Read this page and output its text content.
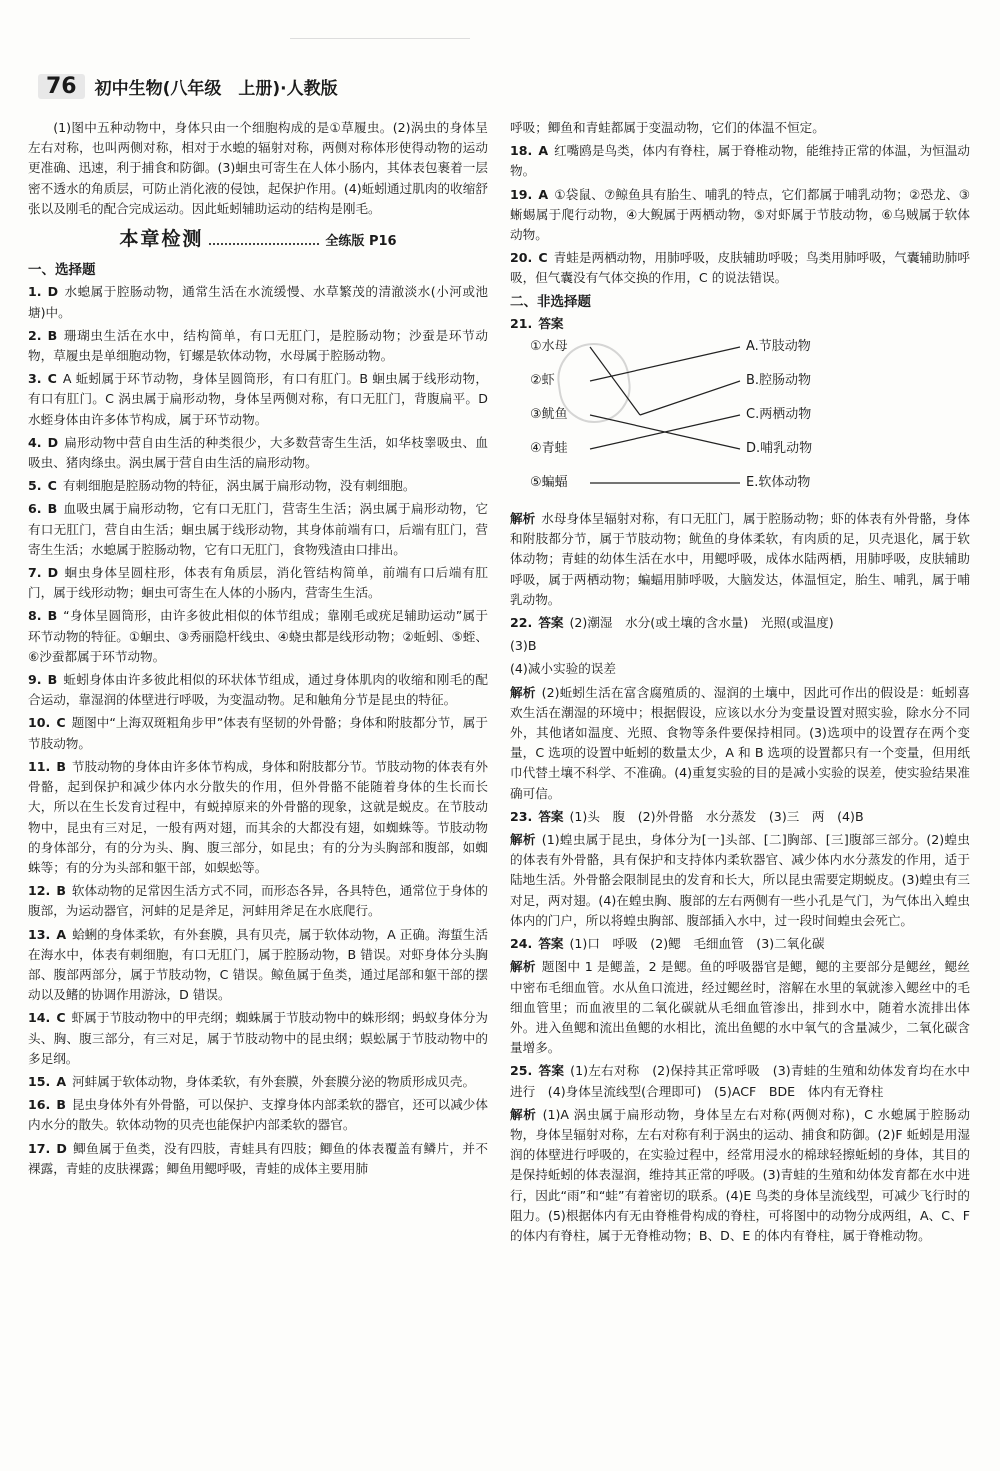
76	初中生物(八年级　上册)·人教版

(1)图中五种动物中，身体只由一个细胞构成的是①草履虫。(2)涡虫的身体呈左右对称，也叫两侧对称，相对于水螅的辐射对称，两侧对称体形使得动物的运动更准确、迅速，利于捕食和防御。(3)蛔虫可寄生在人体小肠内，其体表包裹着一层密不透水的角质层，可防止消化液的侵蚀，起保护作用。(4)蚯蚓通过肌肉的收缩舒张以及刚毛的配合完成运动。因此蚯蚓辅助运动的结构是刚毛。

本章检测	全练版 P16
一、选择题
1. D 水螅属于腔肠动物，通常生活在水流缓慢、水草繁茂的清澈淡水(小河或池塘)中。
2. B 珊瑚虫生活在水中，结构简单，有口无肛门，是腔肠动物；沙蚕是环节动物，草履虫是单细胞动物，钉螺是软体动物，水母属于腔肠动物。
3. C A 蚯蚓属于环节动物，身体呈圆筒形，有口有肛门。B 蛔虫属于线形动物，有口有肛门。C 涡虫属于扁形动物，身体呈两侧对称，有口无肛门，背腹扁平。D 水蛭身体由许多体节构成，属于环节动物。
4. D 扁形动物中营自由生活的种类很少，大多数营寄生生活，如华枝睾吸虫、血吸虫、猪肉绦虫。涡虫属于营自由生活的扁形动物。
5. C 有刺细胞是腔肠动物的特征，涡虫属于扁形动物，没有刺细胞。
6. B 血吸虫属于扁形动物，它有口无肛门，营寄生生活；涡虫属于扁形动物，它有口无肛门，营自由生活；蛔虫属于线形动物，其身体前端有口，后端有肛门，营寄生生活；水螅属于腔肠动物，它有口无肛门，食物残渣由口排出。
7. D 蛔虫身体呈圆柱形，体表有角质层，消化管结构简单，前端有口后端有肛门，属于线形动物；蛔虫可寄生在人体的小肠内，营寄生生活。
8. B “身体呈圆筒形，由许多彼此相似的体节组成；靠刚毛或疣足辅助运动”属于环节动物的特征。①蛔虫、③秀丽隐杆线虫、④蛲虫都是线形动物；②蚯蚓、⑤蛭、⑥沙蚕都属于环节动物。
9. B 蚯蚓身体由许多彼此相似的环状体节组成，通过身体肌肉的收缩和刚毛的配合运动，靠湿润的体壁进行呼吸，为变温动物。足和触角分节是昆虫的特征。
10. C 题图中“上海双斑粗角步甲”体表有坚韧的外骨骼；身体和附肢都分节，属于节肢动物。
11. B 节肢动物的身体由许多体节构成，身体和附肢都分节。节肢动物的体表有外骨骼，起到保护和减少体内水分散失的作用，但外骨骼不能随着身体的生长而长大，所以在生长发育过程中，有蜕掉原来的外骨骼的现象，这就是蜕皮。在节肢动物中，昆虫有三对足，一般有两对翅，而其余的大都没有翅，如蜘蛛等。节肢动物的身体部分，有的分为头、胸、腹三部分，如昆虫；有的分为头胸部和腹部，如蜘蛛等；有的分为头部和躯干部，如蜈蚣等。
12. B 软体动物的足常因生活方式不同，而形态各异，各具特色，通常位于身体的腹部，为运动器官，河蚌的足是斧足，河蚌用斧足在水底爬行。
13. A 蛤蜊的身体柔软，有外套膜，具有贝壳，属于软体动物，A 正确。海蜇生活在海水中，体表有刺细胞，有口无肛门，属于腔肠动物，B 错误。对虾身体分头胸部、腹部两部分，属于节肢动物，C 错误。鲸鱼属于鱼类，通过尾部和躯干部的摆动以及鳍的协调作用游泳，D 错误。
14. C 虾属于节肢动物中的甲壳纲；蜘蛛属于节肢动物中的蛛形纲；蚂蚁身体分为头、胸、腹三部分，有三对足，属于节肢动物中的昆虫纲；蜈蚣属于节肢动物中的多足纲。
15. A 河蚌属于软体动物，身体柔软，有外套膜，外套膜分泌的物质形成贝壳。
16. B 昆虫身体外有外骨骼，可以保护、支撑身体内部柔软的器官，还可以减少体内水分的散失。软体动物的贝壳也能保护内部柔软的器官。
17. D 鲫鱼属于鱼类，没有四肢，青蛙具有四肢；鲫鱼的体表覆盖有鳞片，并不裸露，青蛙的皮肤裸露；鲫鱼用鳃呼吸，青蛙的成体主要用肺

呼吸；鲫鱼和青蛙都属于变温动物，它们的体温不恒定。

18. A 红嘴鸥是鸟类，体内有脊柱，属于脊椎动物，能维持正常的体温，为恒温动物。
19. A ①袋鼠、⑦鲸鱼具有胎生、哺乳的特点，它们都属于哺乳动物；②恐龙、③蜥蜴属于爬行动物，④大鲵属于两栖动物，⑤对虾属于节肢动物，⑥乌贼属于软体动物。
20. C 青蛙是两栖动物，用肺呼吸，皮肤辅助呼吸；鸟类用肺呼吸，气囊辅助肺呼吸，但气囊没有气体交换的作用，C 的说法错误。
二、非选择题
21. 答案
①水母
②虾
③鱿鱼
④青蛙
⑤蝙蝠
A.节肢动物
B.腔肠动物
C.两栖动物
D.哺乳动物
E.软体动物
解析 水母身体呈辐射对称，有口无肛门，属于腔肠动物；虾的体表有外骨骼，身体和附肢都分节，属于节肢动物；鱿鱼的身体柔软，有肉质的足，贝壳退化，属于软体动物；青蛙的幼体生活在水中，用鳃呼吸，成体水陆两栖，用肺呼吸，皮肤辅助呼吸，属于两栖动物；蝙蝠用肺呼吸，大脑发达，体温恒定，胎生、哺乳，属于哺乳动物。
22. 答案 (2)潮湿　水分(或土壤的含水量)　光照(或温度)
(3)B
(4)减小实验的误差
解析 (2)蚯蚓生活在富含腐殖质的、湿润的土壤中，因此可作出的假设是：蚯蚓喜欢生活在潮湿的环境中；根据假设，应该以水分为变量设置对照实验，除水分不同外，其他诸如温度、光照、食物等条件要保持相同。(3)选项中的设置存在两个变量，C 选项的设置中蚯蚓的数量太少，A 和 B 选项的设置都只有一个变量，但用纸巾代替土壤不科学、不准确。(4)重复实验的目的是减小实验的误差，使实验结果准确可信。
23. 答案 (1)头　腹　(2)外骨骼　水分蒸发　(3)三　两　(4)B
解析 (1)蝗虫属于昆虫，身体分为[一]头部、[二]胸部、[三]腹部三部分。(2)蝗虫的体表有外骨骼，具有保护和支持体内柔软器官、减少体内水分蒸发的作用，适于陆地生活。外骨骼会限制昆虫的发育和长大，所以昆虫需要定期蜕皮。(3)蝗虫有三对足，两对翅。(4)在蝗虫胸、腹部的左右两侧有一些小孔是气门，为气体出入蝗虫体内的门户，所以将蝗虫胸部、腹部插入水中，过一段时间蝗虫会死亡。
24. 答案 (1)口　呼吸　(2)鳃　毛细血管　(3)二氧化碳
解析 题图中 1 是鳃盖，2 是鳃。鱼的呼吸器官是鳃，鳃的主要部分是鳃丝，鳃丝中密布毛细血管。水从鱼口流进，经过鳃丝时，溶解在水里的氧就渗入鳃丝中的毛细血管里；而血液里的二氧化碳就从毛细血管渗出，排到水中，随着水流排出体外。进入鱼鳃和流出鱼鳃的水相比，流出鱼鳃的水中氧气的含量减少，二氧化碳含量增多。
25. 答案 (1)左右对称　(2)保持其正常呼吸　(3)青蛙的生殖和幼体发育均在水中进行　(4)身体呈流线型(合理即可)　(5)ACF　BDE　体内有无脊柱
解析 (1)A 涡虫属于扁形动物，身体呈左右对称(两侧对称)，C 水螅属于腔肠动物，身体呈辐射对称，左右对称有利于涡虫的运动、捕食和防御。(2)F 蚯蚓是用湿润的体壁进行呼吸的，在实验过程中，经常用浸水的棉球轻擦蚯蚓的身体，其目的是保持蚯蚓的体表湿润，维持其正常的呼吸。(3)青蛙的生殖和幼体发育都在水中进行，因此“雨”和“蛙”有着密切的联系。(4)E 鸟类的身体呈流线型，可减少飞行时的阻力。(5)根据体内有无由脊椎骨构成的脊柱，可将图中的动物分成两组，A、C、F 的体内有脊柱，属于无脊椎动物；B、D、E 的体内有脊柱，属于脊椎动物。
